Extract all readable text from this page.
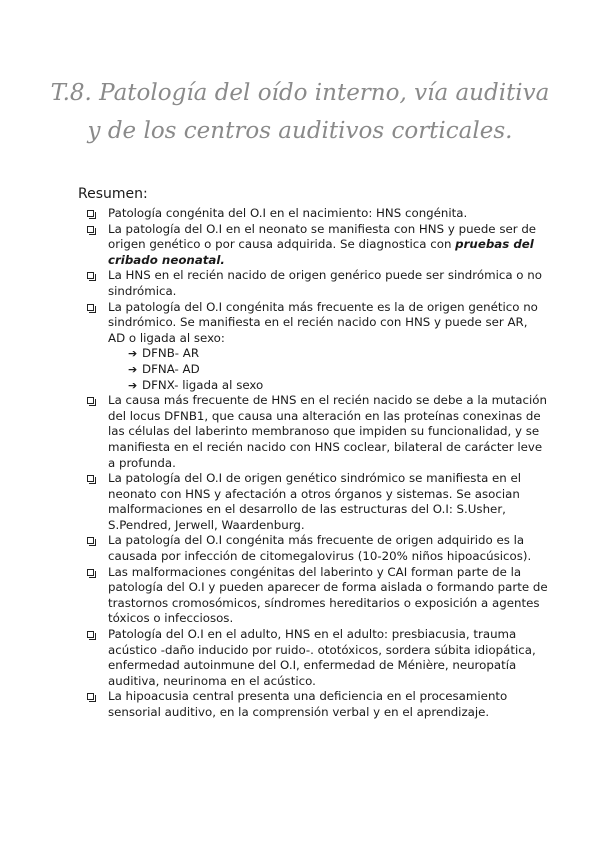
T.8. Patología del oído interno, vía auditiva
y de los centros auditivos corticales.
Resumen:
Patología congénita del O.I en el nacimiento: HNS congénita.
La patología del O.I en el neonato se manifiesta con HNS y puede ser de origen genético o por causa adquirida. Se diagnostica con pruebas del cribado neonatal.
La HNS en el recién nacido de origen genérico puede ser sindrómica o no sindrómica.
La patología del O.I congénita más frecuente es la de origen genético no sindrómico. Se manifiesta en el recién nacido con HNS y puede ser AR, AD o ligada al sexo:
➔ DFNB- AR
➔ DFNA- AD
➔ DFNX- ligada al sexo
La causa más frecuente de HNS en el recién nacido se debe a la mutación del locus DFNB1, que causa una alteración en las proteínas conexinas de las células del laberinto membranoso que impiden su funcionalidad, y se manifiesta en el recién nacido con HNS coclear, bilateral de carácter leve a profunda.
La patología del O.I de origen genético sindrómico se manifiesta en el neonato con HNS y afectación a otros órganos y sistemas. Se asocian malformaciones en el desarrollo de las estructuras del O.I: S.Usher, S.Pendred, Jerwell, Waardenburg.
La patología del O.I congénita más frecuente de origen adquirido es la causada por infección de citomegalovirus (10-20% niños hipoacúsicos).
Las malformaciones congénitas del laberinto y CAI forman parte de la patología del O.I y pueden aparecer de forma aislada o formando parte de trastornos cromosómicos, síndromes hereditarios o exposición a agentes tóxicos o infecciosos.
Patología del O.I en el adulto, HNS en el adulto: presbiacusia, trauma acústico -daño inducido por ruido-. ototóxicos, sordera súbita idiopática, enfermedad autoinmune del O.I, enfermedad de Ménière, neuropatía auditiva, neurinoma en el acústico.
La hipoacusia central presenta una deficiencia en el procesamiento sensorial auditivo, en la comprensión verbal y en el aprendizaje.
